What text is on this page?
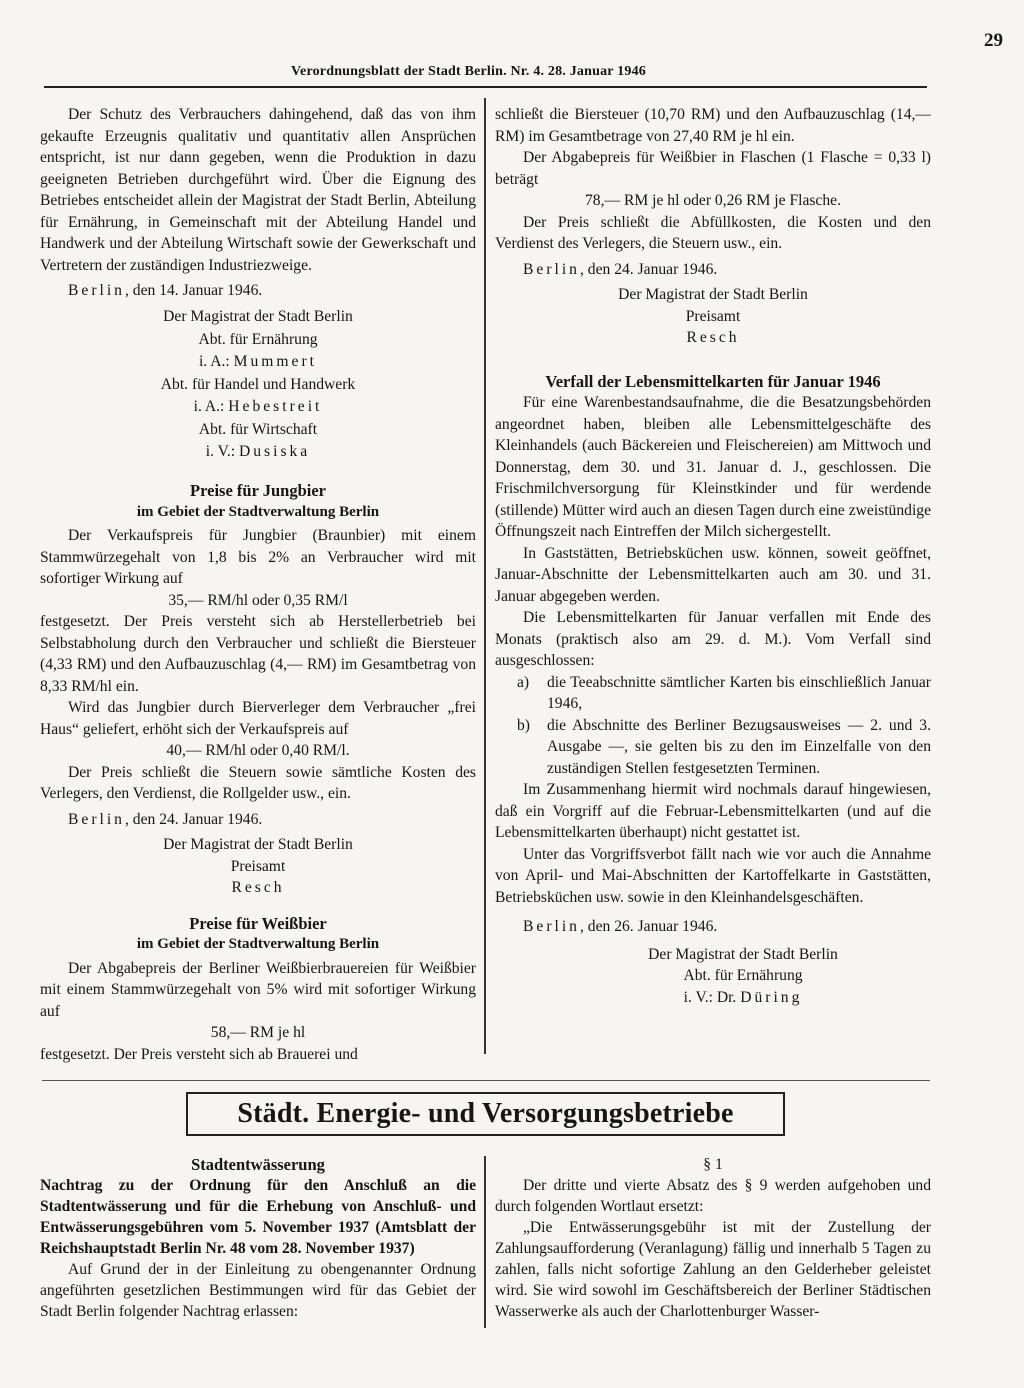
29
Verordnungsblatt der Stadt Berlin. Nr. 4. 28. Januar 1946

Der Schutz des Verbrauchers dahingehend, daß das von ihm gekaufte Erzeugnis qualitativ und quantitativ allen Ansprüchen entspricht, ist nur dann gegeben, wenn die Produktion in dazu geeigneten Betrieben durchgeführt wird. Über die Eignung des Betriebes entscheidet allein der Magistrat der Stadt Berlin, Abteilung für Ernährung, in Gemeinschaft mit der Abteilung Handel und Handwerk und der Abteilung Wirtschaft sowie der Gewerkschaft und Vertretern der zuständigen Industriezweige.

Berlin, den 14. Januar 1946.

Der Magistrat der Stadt Berlin
Abt. für Ernährung
i. A.: Mummert
Abt. für Handel und Handwerk
i. A.: Hebestreit
Abt. für Wirtschaft
i. V.: Dusiska
Preise für Jungbier
im Gebiet der Stadtverwaltung Berlin

Der Verkaufspreis für Jungbier (Braunbier) mit einem Stammwürzegehalt von 1,8 bis 2% an Verbraucher wird mit sofortiger Wirkung auf

35,— RM/hl oder 0,35 RM/l

festgesetzt. Der Preis versteht sich ab Herstellerbetrieb bei Selbstabholung durch den Verbraucher und schließt die Biersteuer (4,33 RM) und den Aufbauzuschlag (4,— RM) im Gesamtbetrag von 8,33 RM/hl ein.

Wird das Jungbier durch Bierverleger dem Verbraucher „frei Haus“ geliefert, erhöht sich der Verkaufspreis auf

40,— RM/hl oder 0,40 RM/l.

Der Preis schließt die Steuern sowie sämtliche Kosten des Verlegers, den Verdienst, die Rollgelder usw., ein.

Berlin, den 24. Januar 1946.

Der Magistrat der Stadt Berlin
Preisamt
Resch
Preise für Weißbier
im Gebiet der Stadtverwaltung Berlin

Der Abgabepreis der Berliner Weißbierbrauereien für Weißbier mit einem Stammwürzegehalt von 5% wird mit sofortiger Wirkung auf

58,— RM je hl

festgesetzt. Der Preis versteht sich ab Brauerei und

schließt die Biersteuer (10,70 RM) und den Aufbauzuschlag (14,— RM) im Gesamtbetrage von 27,40 RM je hl ein.

Der Abgabepreis für Weißbier in Flaschen (1 Flasche = 0,33 l) beträgt

78,— RM je hl oder 0,26 RM je Flasche.

Der Preis schließt die Abfüllkosten, die Kosten und den Verdienst des Verlegers, die Steuern usw., ein.

Berlin, den 24. Januar 1946.

Der Magistrat der Stadt Berlin
Preisamt
Resch
Verfall der Lebensmittelkarten für Januar 1946

Für eine Warenbestandsaufnahme, die die Besatzungsbehörden angeordnet haben, bleiben alle Lebensmittelgeschäfte des Kleinhandels (auch Bäckereien und Fleischereien) am Mittwoch und Donnerstag, dem 30. und 31. Januar d. J., geschlossen. Die Frischmilchversorgung für Kleinstkinder und für werdende (stillende) Mütter wird auch an diesen Tagen durch eine zweistündige Öffnungszeit nach Eintreffen der Milch sichergestellt.

In Gaststätten, Betriebsküchen usw. können, soweit geöffnet, Januar-Abschnitte der Lebensmittelkarten auch am 30. und 31. Januar abgegeben werden.

Die Lebensmittelkarten für Januar verfallen mit Ende des Monats (praktisch also am 29. d. M.). Vom Verfall sind ausgeschlossen:

a)	die Teeabschnitte sämtlicher Karten bis einschließlich Januar 1946,
b)	die Abschnitte des Berliner Bezugsausweises — 2. und 3. Ausgabe —, sie gelten bis zu den im Einzelfalle von den zuständigen Stellen festgesetzten Terminen.

Im Zusammenhang hiermit wird nochmals darauf hingewiesen, daß ein Vorgriff auf die Februar-Lebensmittelkarten (und auf die Lebensmittelkarten überhaupt) nicht gestattet ist.

Unter das Vorgriffsverbot fällt nach wie vor auch die Annahme von April- und Mai-Abschnitten der Kartoffelkarte in Gaststätten, Betriebsküchen usw. sowie in den Kleinhandelsgeschäften.

Berlin, den 26. Januar 1946.

Der Magistrat der Stadt Berlin
Abt. für Ernährung
i. V.: Dr. Düring
Städt. Energie- und Versorgungsbetriebe
Stadtentwässerung

Nachtrag zu der Ordnung für den Anschluß an die Stadtentwässerung und für die Erhebung von Anschluß- und Entwässerungsgebühren vom 5. November 1937 (Amtsblatt der Reichshauptstadt Berlin Nr. 48 vom 28. November 1937)

Auf Grund der in der Einleitung zu obengenannter Ordnung angeführten gesetzlichen Bestimmungen wird für das Gebiet der Stadt Berlin folgender Nachtrag erlassen:

§ 1

Der dritte und vierte Absatz des § 9 werden aufgehoben und durch folgenden Wortlaut ersetzt:

„Die Entwässerungsgebühr ist mit der Zustellung der Zahlungsaufforderung (Veranlagung) fällig und innerhalb 5 Tagen zu zahlen, falls nicht sofortige Zahlung an den Gelderheber geleistet wird. Sie wird sowohl im Geschäftsbereich der Berliner Städtischen Wasserwerke als auch der Charlottenburger Wasser-
